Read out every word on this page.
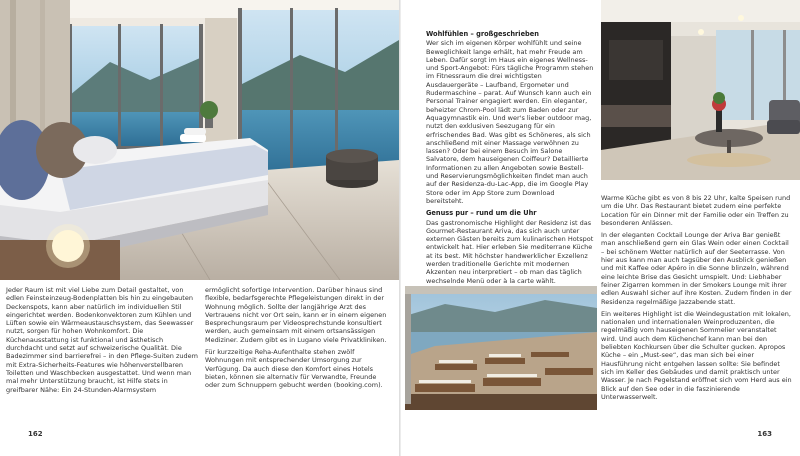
Jeder Raum ist mit viel Liebe zum Detail gestaltet, von edlen Feinsteinzeug-Bodenplatten bis hin zu eingebauten Deckenspots, kann aber natürlich im individuellen Stil eingerichtet werden. Bodenkonvektoren zum Kühlen und Lüften sowie ein Wärmeaustauschsystem, das Seewasser nutzt, sorgen für hohen Wohnkomfort. Die Küchenausstattung ist funktional und ästhetisch durchdacht und setzt auf schweizerische Qualität. Die Badezimmer sind barrierefrei – in den Pflege-Suiten zudem mit Extra-Sicherheits-Features wie höhenverstellbaren Toiletten und Waschbecken ausgestattet. Und wenn man mal mehr Unterstützung braucht, ist Hilfe stets in greifbarer Nähe: Ein 24-Stunden-Alarmsystem

ermöglicht sofortige Intervention. Darüber hinaus sind flexible, bedarfsgerechte Pflegeleistungen direkt in der Wohnung möglich. Sollte der langjährige Arzt des Vertrauens nicht vor Ort sein, kann er in einem eigenen Besprechungsraum per Videosprechstunde konsultiert werden, auch gemeinsam mit einem ortsansässigen Mediziner. Zudem gibt es in Lugano viele Privatkliniken.

Für kurzzeitige Reha-Aufenthalte stehen zwölf Wohnungen mit entsprechender Umsorgung zur Verfügung. Da auch diese den Komfort eines Hotels bieten, können sie alternativ für Verwandte, Freunde oder zum Schnuppern gebucht werden (booking.com).

162
Wohlfühlen – großgeschrieben

Wer sich im eigenen Körper wohlfühlt und seine Beweglichkeit lange erhält, hat mehr Freude am Leben. Dafür sorgt im Haus ein eigenes Wellness- und Sport-Angebot: Fürs tägliche Programm stehen im Fitnessraum die drei wichtigsten Ausdauergeräte – Laufband, Ergometer und Rudermaschine – parat. Auf Wunsch kann auch ein Personal Trainer engagiert werden. Ein eleganter, beheizter Chrom-Pool lädt zum Baden oder zur Aquagymnastik ein. Und wer's lieber outdoor mag, nutzt den exklusiven Seezugang für ein erfrischendes Bad. Was gibt es Schöneres, als sich anschließend mit einer Massage verwöhnen zu lassen? Oder bei einem Besuch im Salone Salvatore, dem hauseigenen Coiffeur? Detaillierte Informationen zu allen Angeboten sowie Bestell- und Reservierungsmöglichkeiten findet man auch auf der Residenza-du-Lac-App, die im Google Play Store oder im App Store zum Download bereitsteht.

Genuss pur – rund um die Uhr

Das gastronomische Highlight der Residenz ist das Gourmet-Restaurant Ariva, das sich auch unter externen Gästen bereits zum kulinarischen Hotspot entwickelt hat. Hier erleben Sie mediterrane Küche at its best. Mit höchster handwerklicher Exzellenz werden traditionelle Gerichte mit modernen Akzenten neu interpretiert – ob man das täglich wechselnde Menü oder à la carte wählt.

Warme Küche gibt es von 8 bis 22 Uhr, kalte Speisen rund um die Uhr. Das Restaurant bietet zudem eine perfekte Location für ein Dinner mit der Familie oder ein Treffen zu besonderen Anlässen.

In der eleganten Cocktail Lounge der Ariva Bar genießt man anschließend gern ein Glas Wein oder einen Cocktail – bei schönem Wetter natürlich auf der Seeterrasse. Von hier aus kann man auch tagsüber den Ausblick genießen und mit Kaffee oder Apéro in die Sonne blinzeln, während eine leichte Brise das Gesicht umspielt. Und: Liebhaber feiner Zigarren kommen in der Smokers Lounge mit ihrer edlen Auswahl sicher auf ihre Kosten. Zudem finden in der Residenza regelmäßige Jazzabende statt.

Ein weiteres Highlight ist die Weindegustation mit lokalen, nationalen und internationalen Weinproduzenten, die regelmäßig vom hauseigenen Sommelier veranstaltet wird. Und auch dem Küchenchef kann man bei den beliebten Kochkursen über die Schulter gucken. Apropos Küche – ein „Must-see“, das man sich bei einer Hausführung nicht entgehen lassen sollte: Sie befindet sich im Keller des Gebäudes und damit praktisch unter Wasser. Je nach Pegelstand eröffnet sich vom Herd aus ein Blick auf den See oder in die faszinierende Unterwasserwelt.

163
